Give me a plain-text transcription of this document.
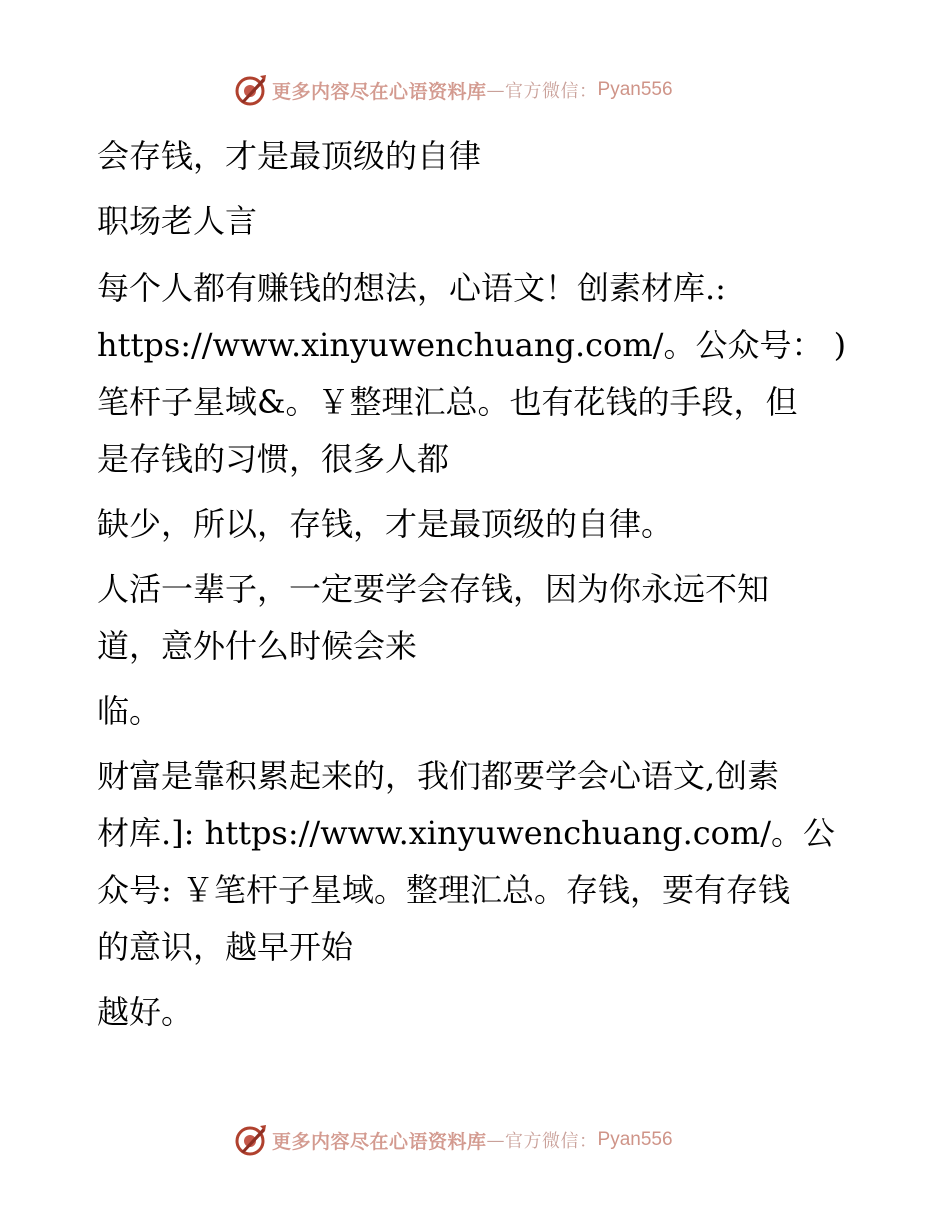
更多内容尽在心语资料库 — 官方微信： Pyan556

会存钱，才是最顶级的自律

职场老人言

每个人都有赚钱的想法，心语文！创素材库.:

https://www.xinyuwenchuang.com/。公众号： )

笔杆子星域&。￥整理汇总。也有花钱的手段，但

是存钱的习惯，很多人都

缺少，所以，存钱，才是最顶级的自律。

人活一辈子，一定要学会存钱，因为你永远不知

道，意外什么时候会来

临。

财富是靠积累起来的，我们都要学会心语文,创素

材库.]: https://www.xinyuwenchuang.com/。公

众号: ￥笔杆子星域。整理汇总。存钱，要有存钱

的意识，越早开始

越好。

更多内容尽在心语资料库 — 官方微信： Pyan556
